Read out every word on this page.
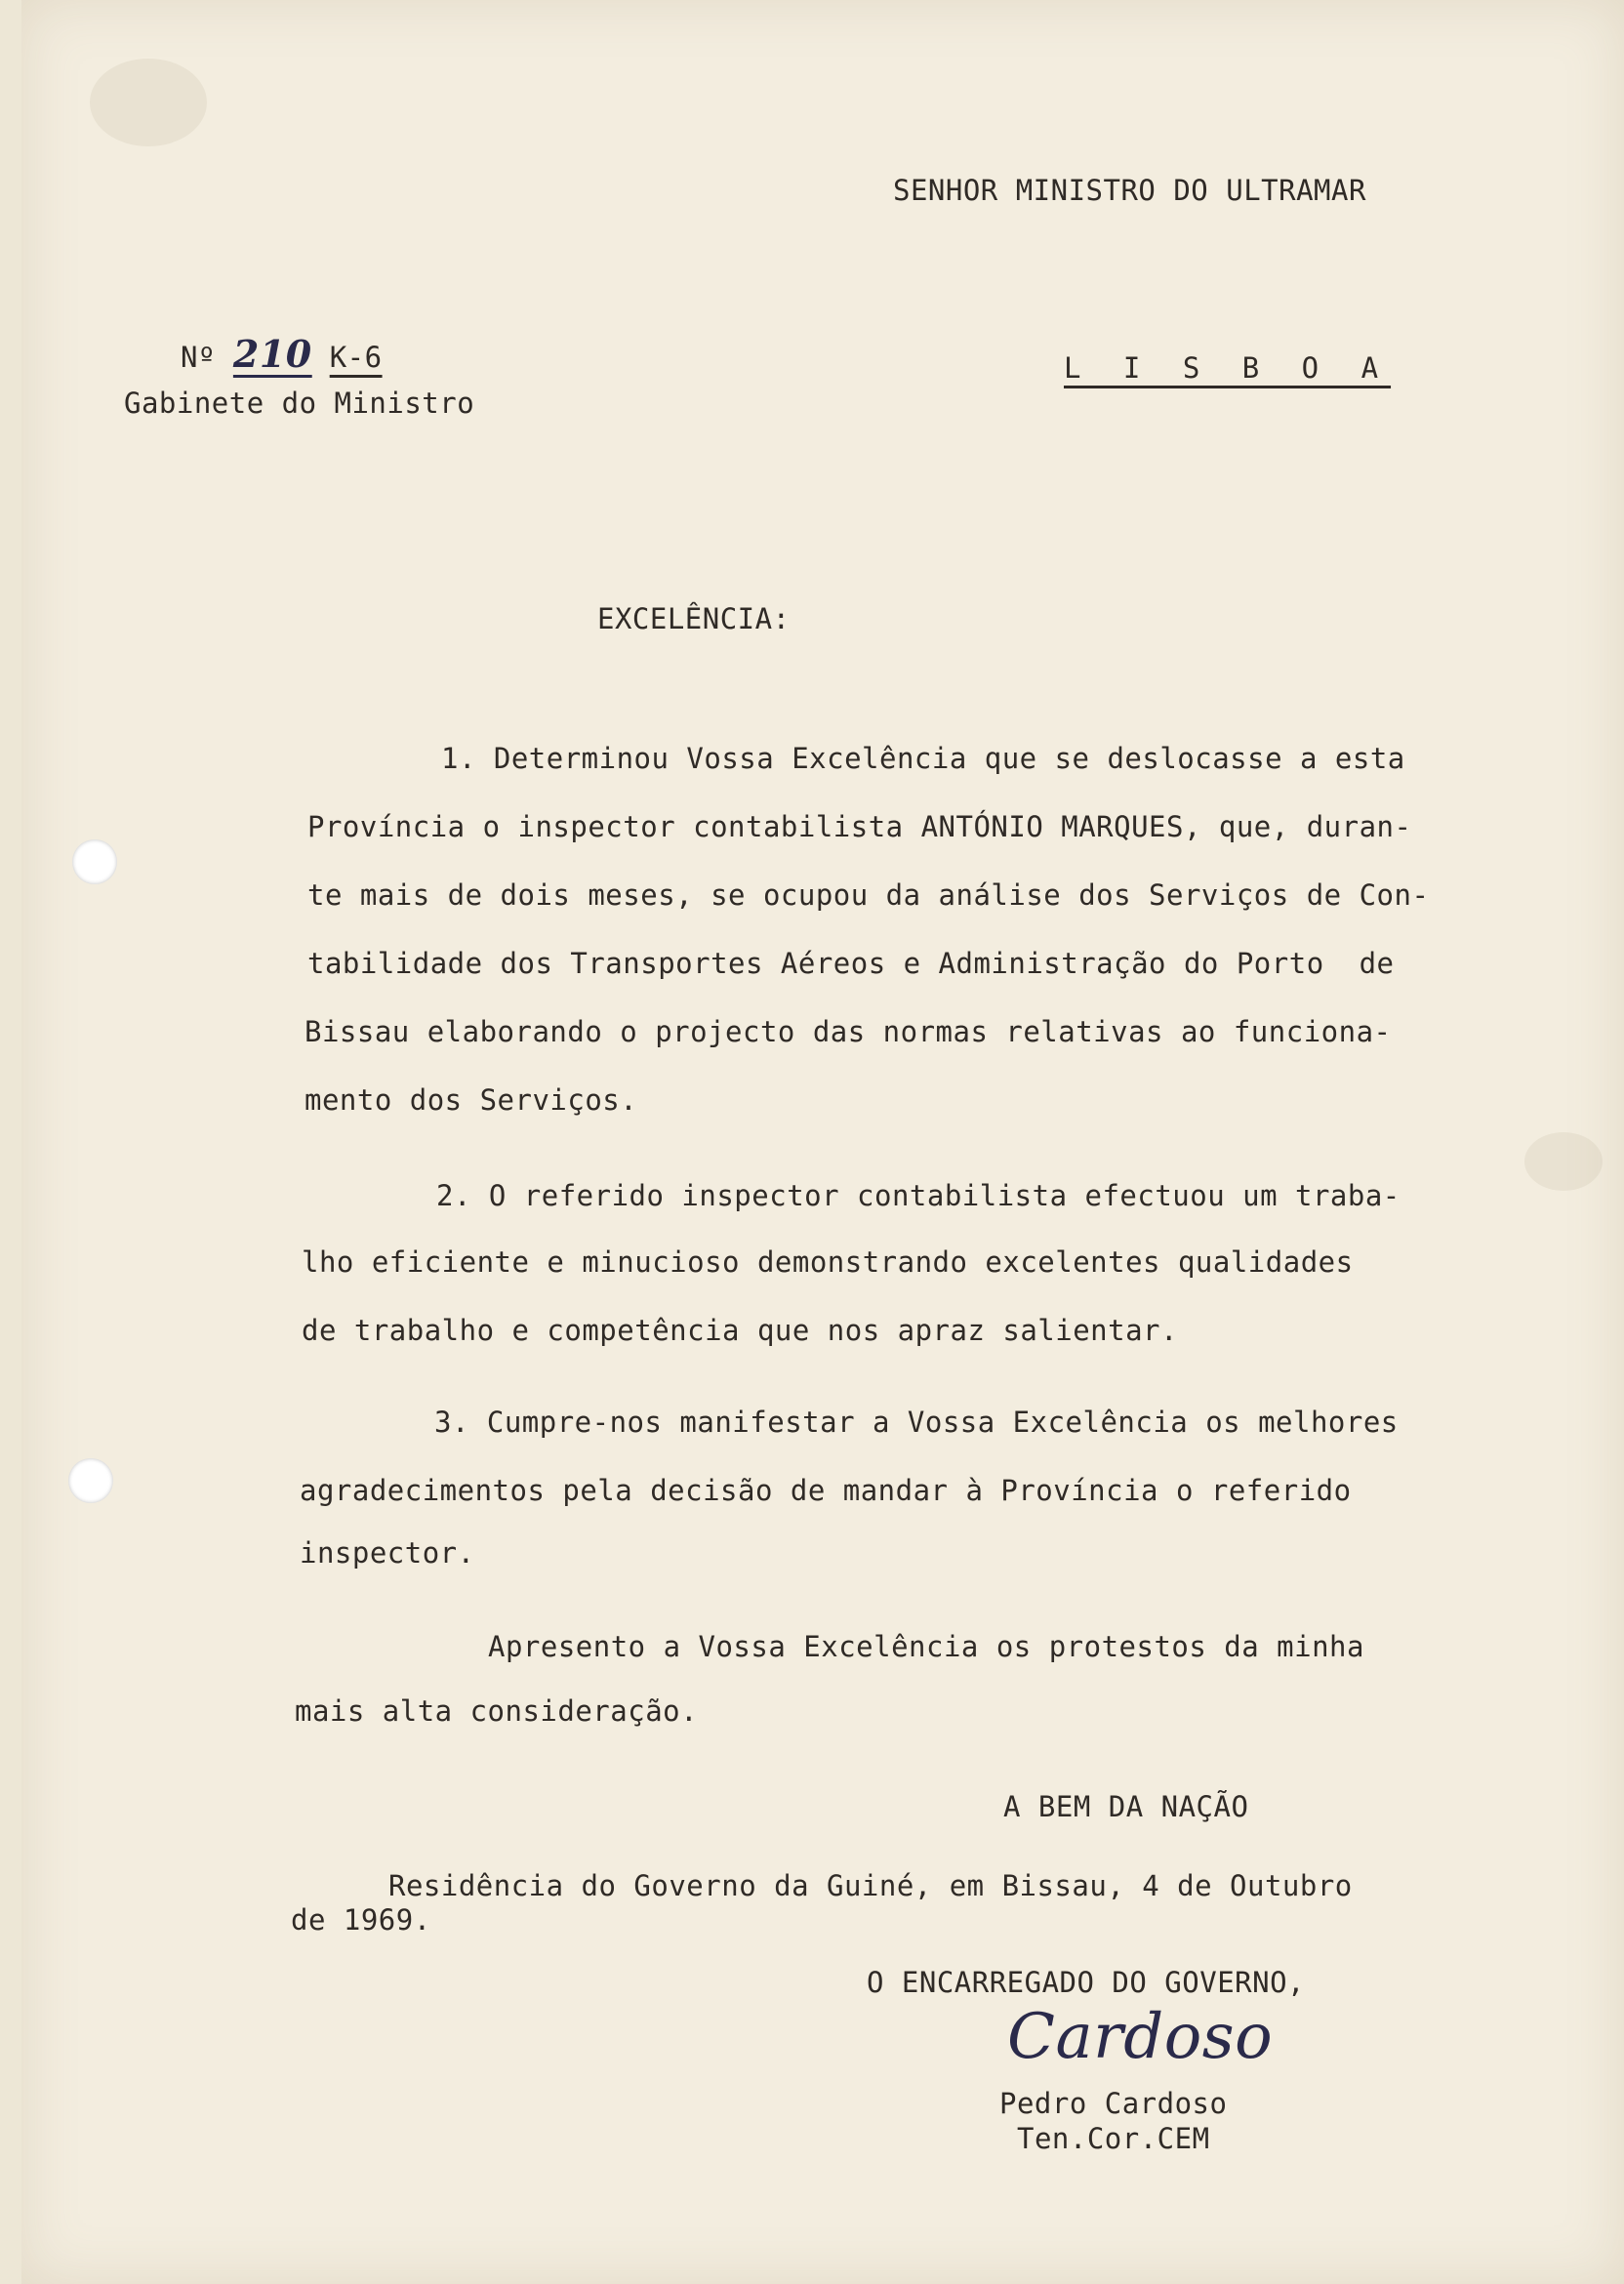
SENHOR MINISTRO DO ULTRAMAR
Nº 210 K-6
Gabinete do Ministro
L I S B O A
EXCELÊNCIA:
1. Determinou Vossa Excelência que se deslocasse a esta
Província o inspector contabilista ANTÓNIO MARQUES, que, duran-
te mais de dois meses, se ocupou da análise dos Serviços de Con-
tabilidade dos Transportes Aéreos e Administração do Porto  de
Bissau elaborando o projecto das normas relativas ao funciona-
mento dos Serviços.
2. O referido inspector contabilista efectuou um traba-
lho eficiente e minucioso demonstrando excelentes qualidades
de trabalho e competência que nos apraz salientar.
3. Cumpre-nos manifestar a Vossa Excelência os melhores
agradecimentos pela decisão de mandar à Província o referido
inspector.
Apresento a Vossa Excelência os protestos da minha
mais alta consideração.
A BEM DA NAÇÃO
Residência do Governo da Guiné, em Bissau, 4 de Outubro
de 1969.
O ENCARREGADO DO GOVERNO,
Cardoso
Pedro Cardoso
Ten.Cor.CEM
